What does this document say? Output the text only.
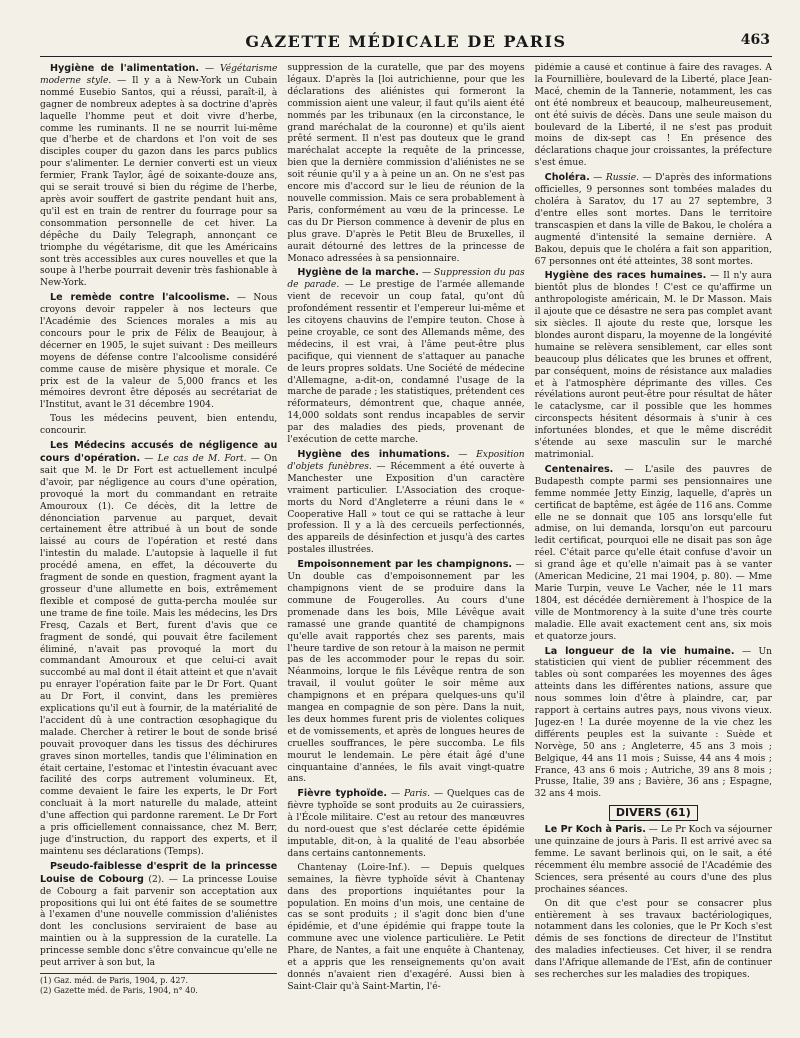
GAZETTE MÉDICALE DE PARIS	463

Hygiène de l'alimentation. — Végétarisme moderne style. — Il y a à New-York un Cubain nommé Eusebio Santos, qui a réussi, paraît-il, à gagner de nombreux adeptes à sa doctrine d'après laquelle l'homme peut et doit vivre d'herbe, comme les ruminants. Il ne se nourrit lui-même que d'herbe et de chardons et l'on voit de ses disciples couper du gazon dans les parcs publics pour s'alimenter. Le dernier converti est un vieux fermier, Frank Taylor, âgé de soixante-douze ans, qui se serait trouvé si bien du régime de l'herbe, après avoir souffert de gastrite pendant huit ans, qu'il est en train de rentrer du fourrage pour sa consommation personnelle de cet hiver. La dépêche du Daily Telegraph, annonçant ce triomphe du végétarisme, dit que les Américains sont très accessibles aux cures nouvelles et que la soupe à l'herbe pourrait devenir très fashionable à New-York.

Le remède contre l'alcoolisme. — Nous croyons devoir rappeler à nos lecteurs que l'Académie des Sciences morales a mis au concours pour le prix de Félix de Beaujour, à décerner en 1905, le sujet suivant : Des meilleurs moyens de défense contre l'alcoolisme considéré comme cause de misère physique et morale. Ce prix est de la valeur de 5,000 francs et les mémoires devront être déposés au secrétariat de l'Institut, avant le 31 décembre 1904.

Tous les médecins peuvent, bien entendu, concourir.

Les Médecins accusés de négligence au cours d'opération. — Le cas de M. Fort. — On sait que M. le Dr Fort est actuellement inculpé d'avoir, par négligence au cours d'une opération, provoqué la mort du commandant en retraite Amouroux (1). Ce décès, dit la lettre de dénonciation parvenue au parquet, devait certainement être attribué à un bout de sonde laissé au cours de l'opération et resté dans l'intestin du malade. L'autopsie à laquelle il fut procédé amena, en effet, la découverte du fragment de sonde en question, fragment ayant la grosseur d'une allumette en bois, extrêmement flexible et composé de gutta-percha moulée sur une trame de fine toile. Mais les médecins, les Drs Fresq, Cazals et Bert, furent d'avis que ce fragment de sondé, qui pouvait être facilement éliminé, n'avait pas provoqué la mort du commandant Amouroux et que celui-ci avait succombé au mal dont il était atteint et que n'avait pu enrayer l'opération faite par le Dr Fort. Quant au Dr Fort, il convint, dans les premières explications qu'il eut à fournir, de la matérialité de l'accident dû à une contraction œsophagique du malade. Chercher à retirer le bout de sonde brisé pouvait provoquer dans les tissus des déchirures graves sinon mortelles, tandis que l'élimination en était certaine, l'estomac et l'intestin évacuant avec facilité des corps autrement volumineux. Et, comme devaient le faire les experts, le Dr Fort concluait à la mort naturelle du malade, atteint d'une affection qui pardonne rarement. Le Dr Fort a pris officiellement connaissance, chez M. Berr, juge d'instruction, du rapport des experts, et il maintenu ses déclarations (Temps).

Pseudo-faiblesse d'esprit de la princesse Louise de Cobourg (2). — La princesse Louise de Cobourg a fait parvenir son acceptation aux propositions qui lui ont été faites de se soumettre à l'examen d'une nouvelle commission d'aliénistes dont les conclusions serviraient de base au maintien ou à la suppression de la curatelle. La princesse semble donc s'être convaincue qu'elle ne peut arriver à son but, la

(1) Gaz. méd. de Paris, 1904, p. 427.
(2) Gazette méd. de Paris, 1904, n° 40.

suppression de la curatelle, que par des moyens légaux. D'après la [loi autrichienne, pour que les déclarations des aliénistes qui formeront la commission aient une valeur, il faut qu'ils aient été nommés par les tribunaux (en la circonstance, le grand maréchalat de la couronne) et qu'ils aient prêté serment. Il n'est pas douteux que le grand maréchalat accepte la requête de la princesse, bien que la dernière commission d'aliénistes ne se soit réunie qu'il y a à peine un an. On ne s'est pas encore mis d'accord sur le lieu de réunion de la nouvelle commission. Mais ce sera probablement à Paris, conformément au vœu de la princesse. Le cas du Dr Pierson commence à devenir de plus en plus grave. D'après le Petit Bleu de Bruxelles, il aurait détourné des lettres de la princesse de Monaco adressées à sa pensionnaire.

Hygiène de la marche. — Suppression du pas de parade. — Le prestige de l'armée allemande vient de recevoir un coup fatal, qu'ont dû profondément ressentir et l'empereur lui-même et les citoyens chauvins de l'empire teuton. Chose à peine croyable, ce sont des Allemands même, des médecins, il est vrai, à l'âme peut-être plus pacifique, qui viennent de s'attaquer au panache de leurs propres soldats. Une Société de médecine d'Allemagne, a-dit-on, condamné l'usage de la marche de parade ; les statistiques, prétendent ces réformateurs, démontrent que, chaque année, 14,000 soldats sont rendus incapables de servir par des maladies des pieds, provenant de l'exécution de cette marche.

Hygiène des inhumations. — Exposition d'objets funèbres. — Récemment a été ouverte à Manchester une Exposition d'un caractère vraiment particulier. L'Association des croque-morts du Nord d'Angleterre a réuni dans le « Cooperative Hall » tout ce qui se rattache à leur profession. Il y a là des cercueils perfectionnés, des appareils de désinfection et jusqu'à des cartes postales illustrées.

Empoisonnement par les champignons. — Un double cas d'empoisonnement par les champignons vient de se produire dans la commune de Fougerolles. Au cours d'une promenade dans les bois, Mlle Lévêque avait ramassé une grande quantité de champignons qu'elle avait rapportés chez ses parents, mais l'heure tardive de son retour à la maison ne permit pas de les accommoder pour le repas du soir. Néanmoins, lorque le fils Lévêque rentra de son travail, il voulut goûter le soir même aux champignons et en prépara quelques-uns qu'il mangea en compagnie de son père. Dans la nuit, les deux hommes furent pris de violentes coliques et de vomissements, et après de longues heures de cruelles souffrances, le père succomba. Le fils mourut le lendemain. Le père était âgé d'une cinquantaine d'années, le fils avait vingt-quatre ans.

Fièvre typhoïde. — Paris. — Quelques cas de fièvre typhoïde se sont produits au 2e cuirassiers, à l'École militaire. C'est au retour des manœuvres du nord-ouest que s'est déclarée cette épidémie imputable, dit-on, à la qualité de l'eau absorbée dans certains cantonnements.

Chantenay (Loire-Inf.). — Depuis quelques semaines, la fièvre typhoïde sévit à Chantenay dans des proportions inquiétantes pour la population. En moins d'un mois, une centaine de cas se sont produits ; il s'agit donc bien d'une épidémie, et d'une épidémie qui frappe toute la commune avec une violence particulière. Le Petit Phare, de Nantes, a fait une enquête à Chantenay, et a appris que les renseignements qu'on avait donnés n'avaient rien d'exagéré. Aussi bien à Saint-Clair qu'à Saint-Martin, l'é-

pidémie a causé et continue à faire des ravages. A la Fournillière, boulevard de la Liberté, place Jean-Macé, chemin de la Tannerie, notamment, les cas ont été nombreux et beaucoup, malheureusement, ont été suivis de décès. Dans une seule maison du boulevard de la Liberté, il ne s'est pas produit moins de dix-sept cas ! En présence des déclarations chaque jour croissantes, la préfecture s'est émue.

Choléra. — Russie. — D'après des informations officielles, 9 personnes sont tombées malades du choléra à Saratov, du 17 au 27 septembre, 3 d'entre elles sont mortes. Dans le territoire transcaspien et dans la ville de Bakou, le choléra a augmenté d'intensité la semaine dernière. A Bakou, depuis que le choléra a fait son apparition, 67 personnes ont été atteintes, 38 sont mortes.

Hygiène des races humaines. — Il n'y aura bientôt plus de blondes ! C'est ce qu'affirme un anthropologiste américain, M. le Dr Masson. Mais il ajoute que ce désastre ne sera pas complet avant six siècles. Il ajoute du reste que, lorsque les blondes auront disparu, la moyenne de la longévité humaine se relèvera sensiblement, car elles sont beaucoup plus délicates que les brunes et offrent, par conséquent, moins de résistance aux maladies et à l'atmosphère déprimante des villes. Ces révélations auront peut-être pour résultat de hâter le cataclysme, car il possible que les hommes circonspects hésitent désormais à s'unir à ces infortunées blondes, et que le même discrédit s'étende au sexe masculin sur le marché matrimonial.

Centenaires. — L'asile des pauvres de Budapesth compte parmi ses pensionnaires une femme nommée Jetty Einzig, laquelle, d'après un certificat de baptême, est âgée de 116 ans. Comme elle ne se donnait que 105 ans lorsqu'elle fut admise, on lui demanda, lorsqu'on eut parcouru ledit certificat, pourquoi elle ne disait pas son âge réel. C'était parce qu'elle était confuse d'avoir un si grand âge et qu'elle n'aimait pas à se vanter (American Medicine, 21 mai 1904, p. 80). — Mme Marie Turpin, veuve Le Vacher, née le 11 mars 1804, est décédée dernièrement à l'hospice de la ville de Montmorency à la suite d'une très courte maladie. Elle avait exactement cent ans, six mois et quatorze jours.

La longueur de la vie humaine. — Un statisticien qui vient de publier récemment des tables où sont comparées les moyennes des âges atteints dans les différentes nations, assure que nous sommes loin d'être à plaindre, car, par rapport à certains autres pays, nous vivons vieux. Jugez-en ! La durée moyenne de la vie chez les différents peuples est la suivante : Suède et Norvège, 50 ans ; Angleterre, 45 ans 3 mois ; Belgique, 44 ans 11 mois ; Suisse, 44 ans 4 mois ; France, 43 ans 6 mois ; Autriche, 39 ans 8 mois ; Prusse, Italie, 39 ans ; Bavière, 36 ans ; Espagne, 32 ans 4 mois.

DIVERS (61)

Le Pr Koch à Paris. — Le Pr Koch va séjourner une quinzaine de jours à Paris. Il est arrivé avec sa femme. Le savant berlinois qui, on le sait, a été récemment élu membre associé de l'Académie des Sciences, sera présenté au cours d'une des plus prochaines séances.

On dit que c'est pour se consacrer plus entièrement à ses travaux bactériologiques, notamment dans les colonies, que le Pr Koch s'est démis de ses fonctions de directeur de l'Institut des maladies infectieuses. Cet hiver, il se rendra dans l'Afrique allemande de l'Est, afin de continuer ses recherches sur les maladies des tropiques.
